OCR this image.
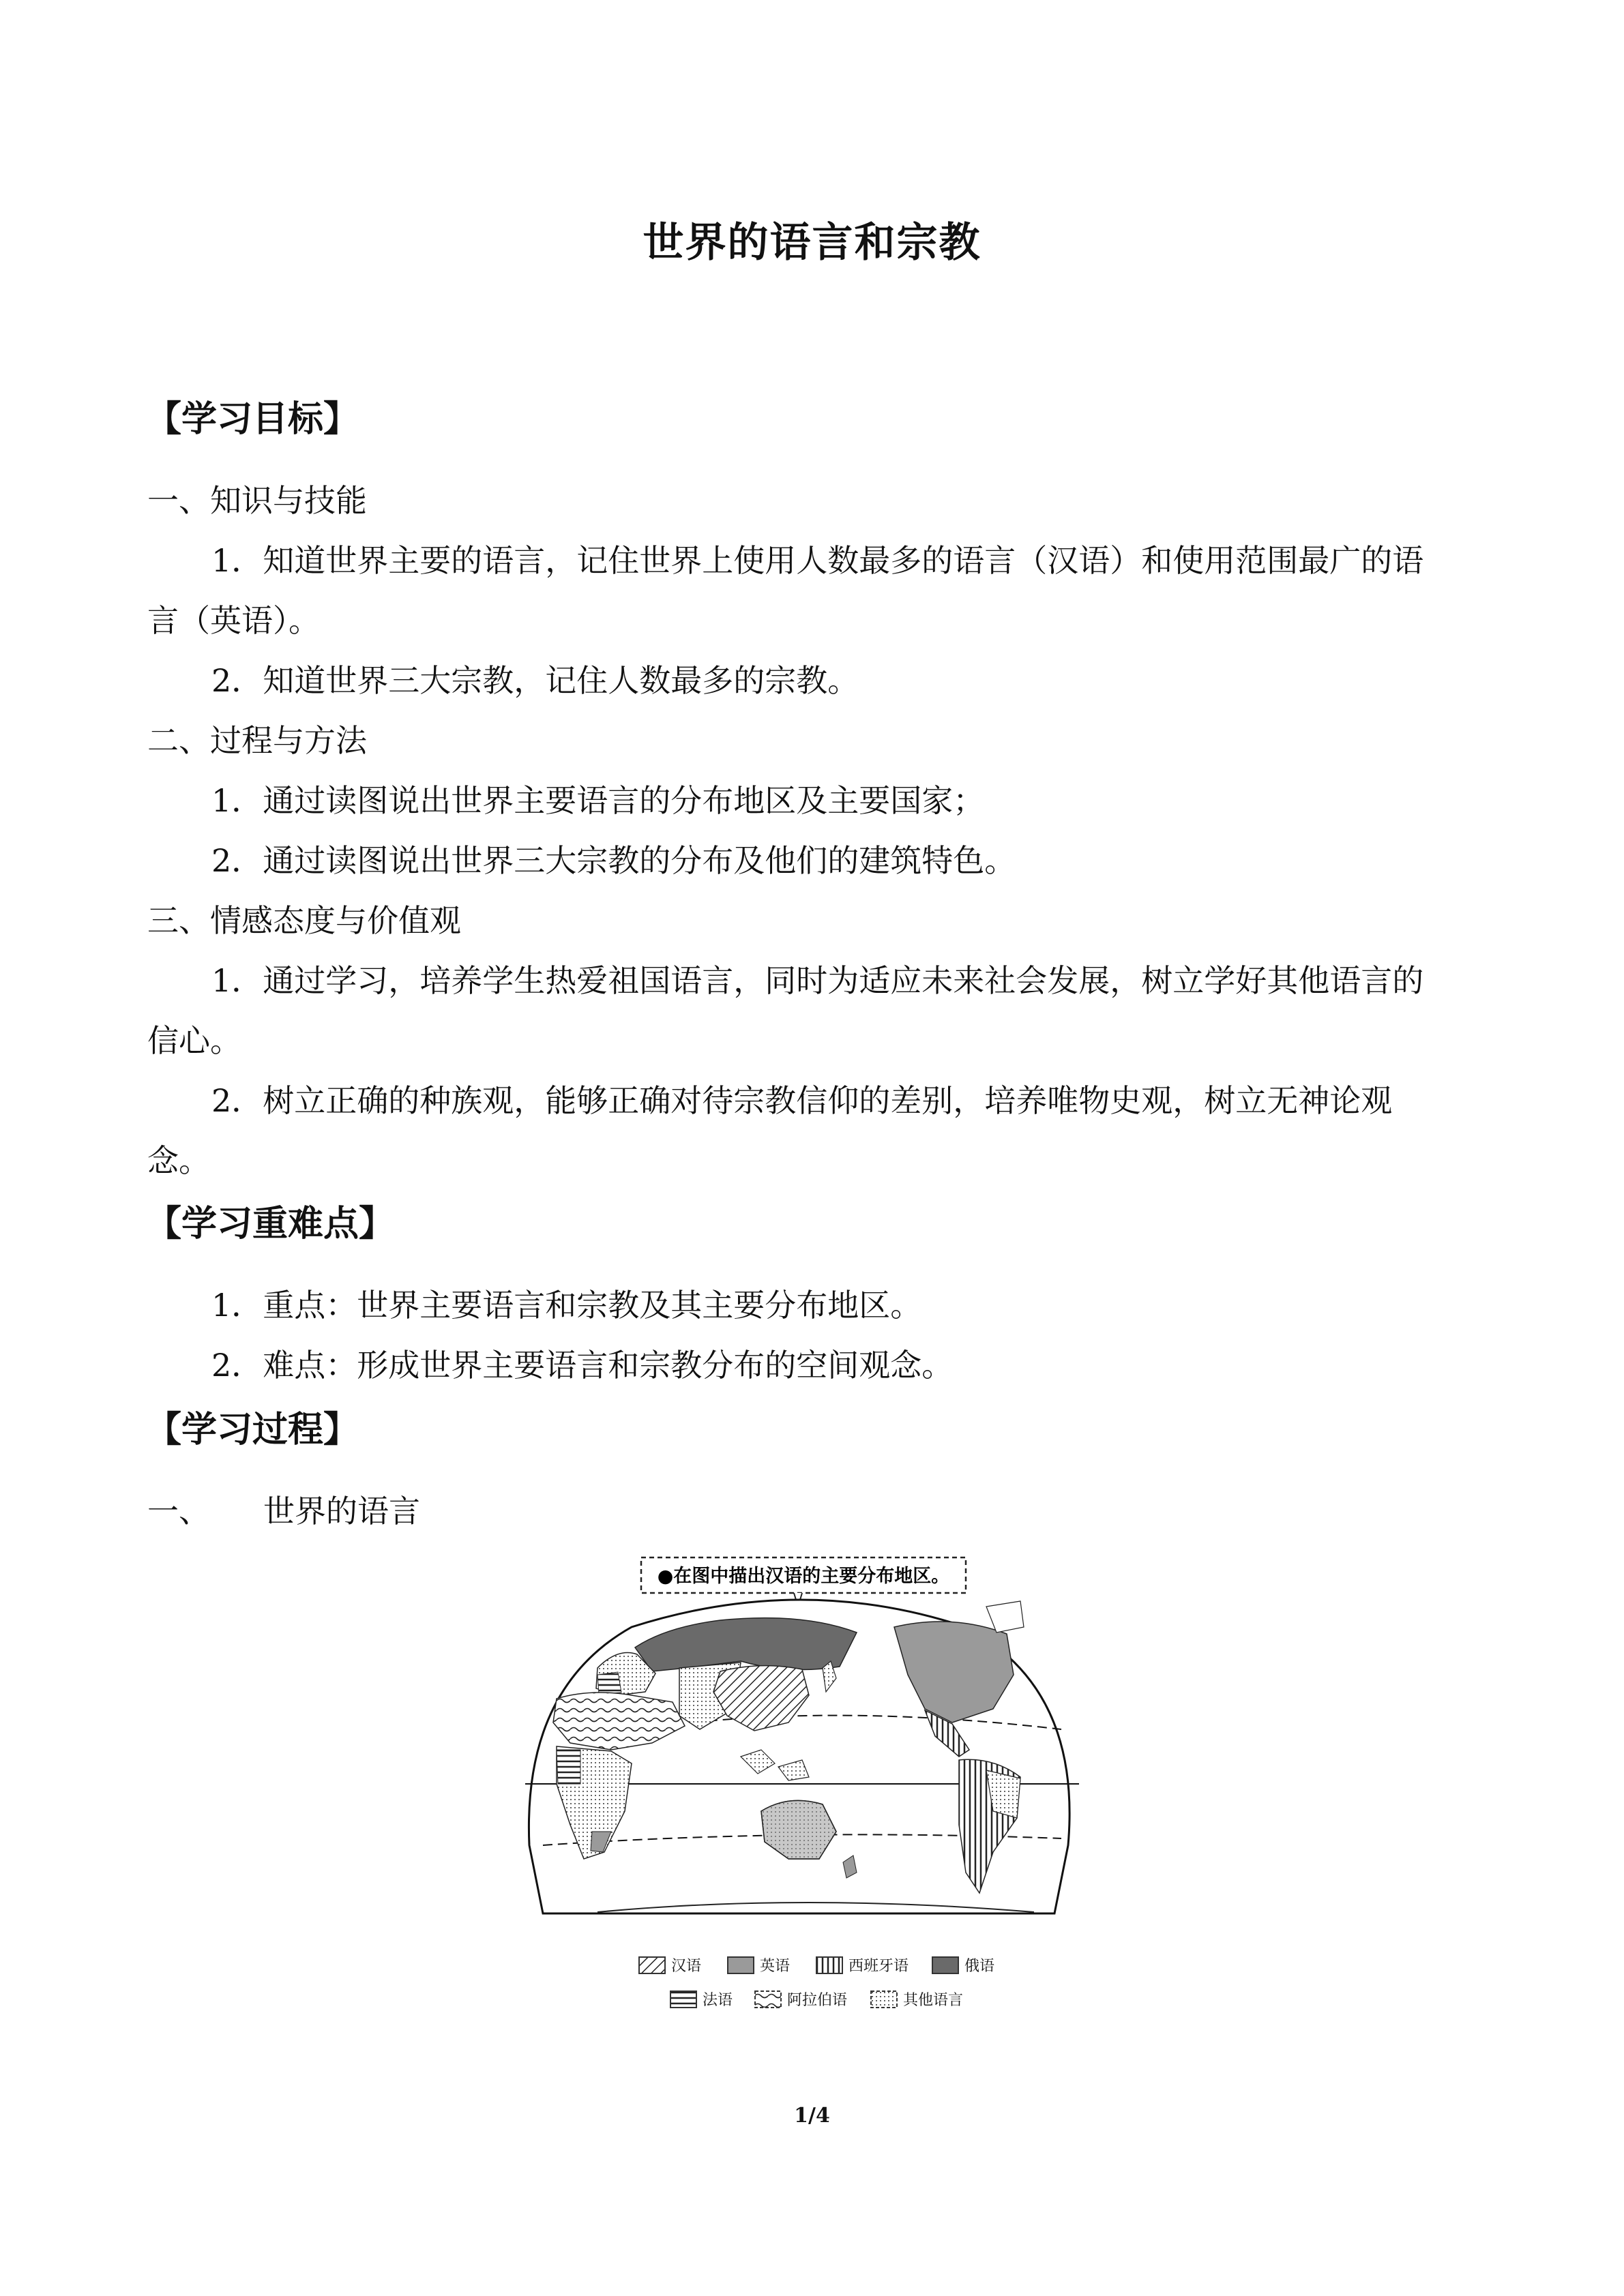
世界的语言和宗教
【学习目标】
一、知识与技能
1．知道世界主要的语言，记住世界上使用人数最多的语言（汉语）和使用范围最广的语
言（英语）。
2．知道世界三大宗教，记住人数最多的宗教。
二、过程与方法
1．通过读图说出世界主要语言的分布地区及主要国家；
2．通过读图说出世界三大宗教的分布及他们的建筑特色。
三、情感态度与价值观
1．通过学习，培养学生热爱祖国语言，同时为适应未来社会发展，树立学好其他语言的
信心。
2．树立正确的种族观，能够正确对待宗教信仰的差别，培养唯物史观，树立无神论观
念。
【学习重难点】
1．重点：世界主要语言和宗教及其主要分布地区。
2．难点：形成世界主要语言和宗教分布的空间观念。
【学习过程】
一、 世界的语言
●在图中描出汉语的主要分布地区。
汉语	英语	西班牙语	俄语
法语	阿拉伯语	其他语言
1/4
